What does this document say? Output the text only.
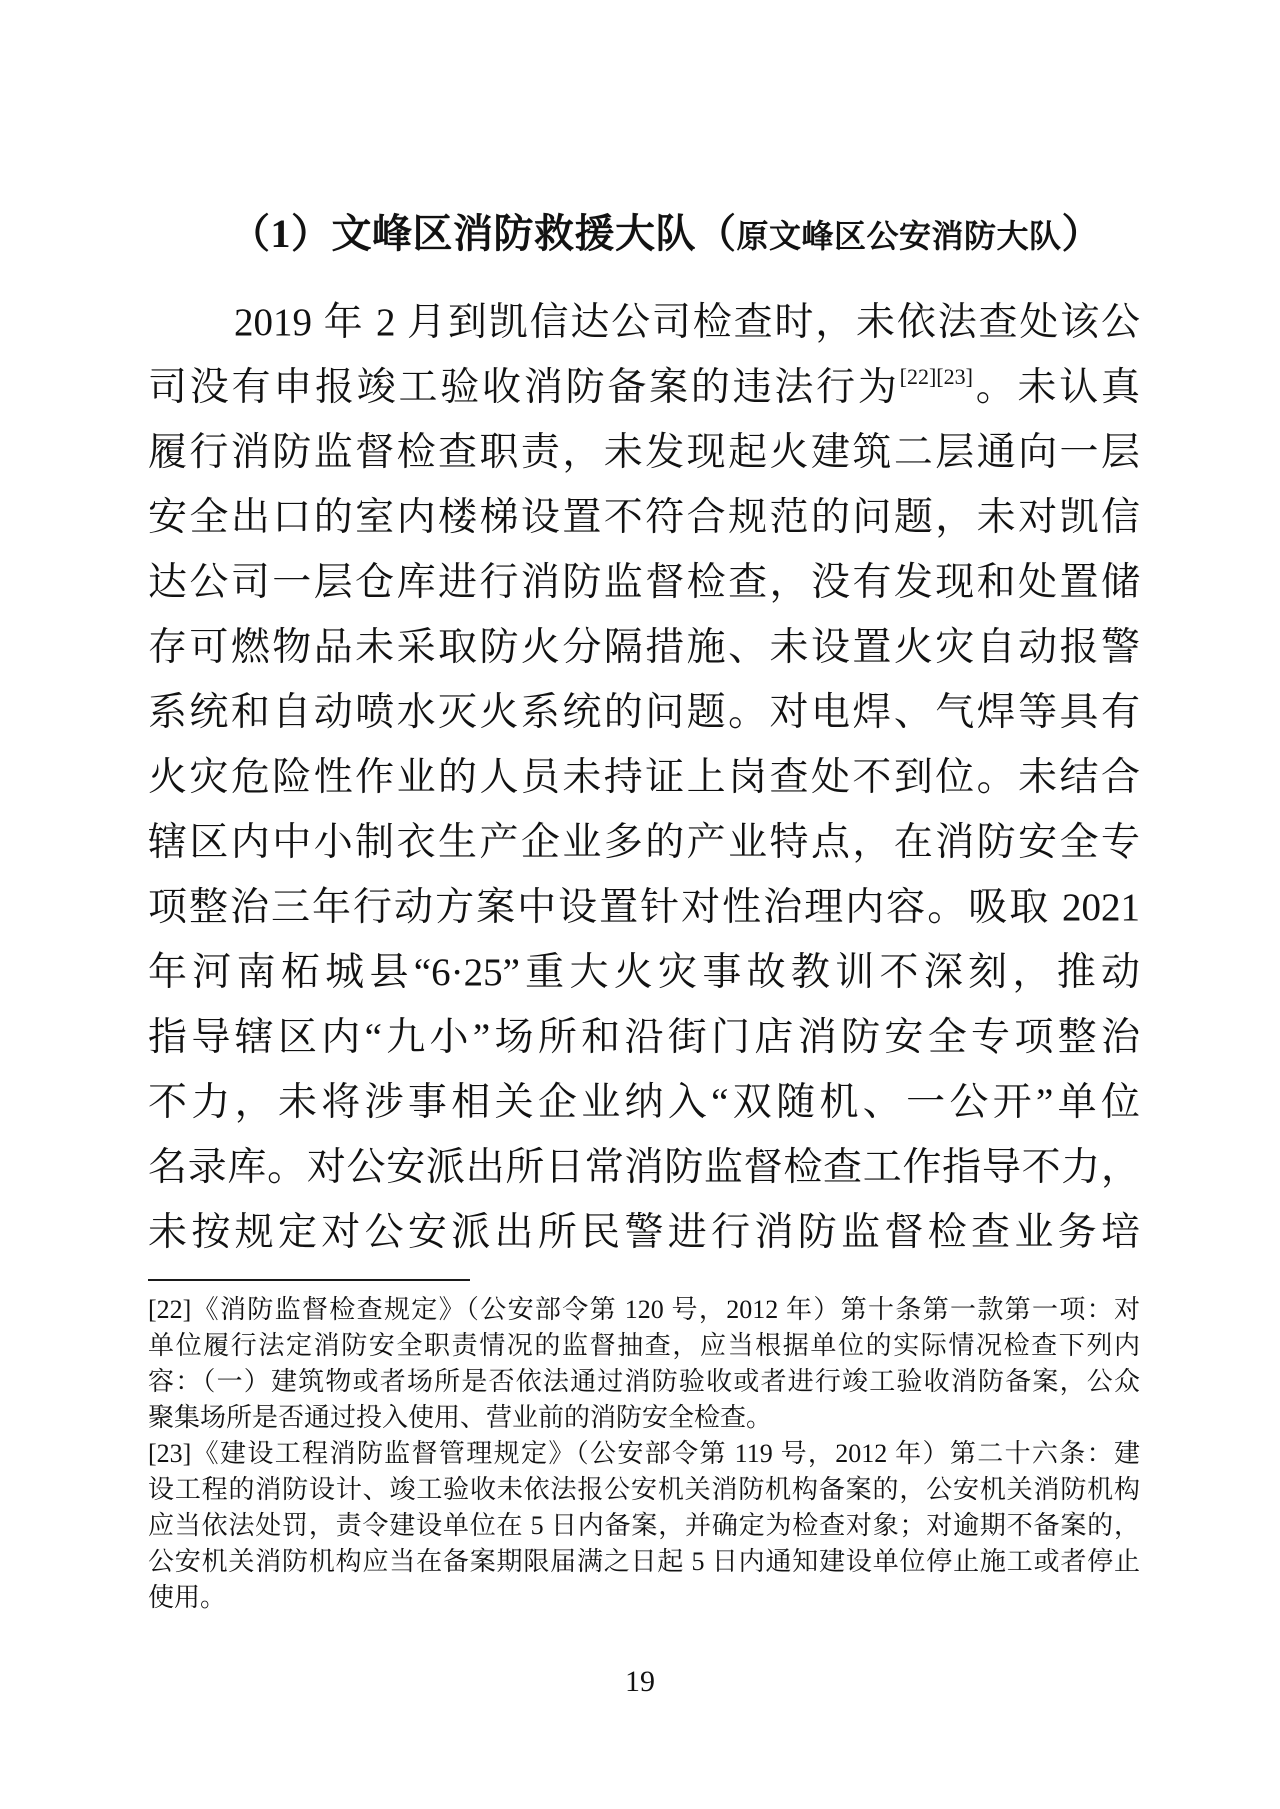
（1）文峰区消防救援大队（原文峰区公安消防大队）
2019 年 2 月到凯信达公司检查时，未依法查处该公
司没有申报竣工验收消防备案的违法行为[22][23]。未认真
履行消防监督检查职责，未发现起火建筑二层通向一层
安全出口的室内楼梯设置不符合规范的问题，未对凯信
达公司一层仓库进行消防监督检查，没有发现和处置储
存可燃物品未采取防火分隔措施、未设置火灾自动报警
系统和自动喷水灭火系统的问题。对电焊、气焊等具有
火灾危险性作业的人员未持证上岗查处不到位。未结合
辖区内中小制衣生产企业多的产业特点，在消防安全专
项整治三年行动方案中设置针对性治理内容。吸取 2021
年河南柘城县“6·25”重大火灾事故教训不深刻，推动
指导辖区内“九小”场所和沿街门店消防安全专项整治
不力，未将涉事相关企业纳入“双随机、一公开”单位
名录库。对公安派出所日常消防监督检查工作指导不力，
未按规定对公安派出所民警进行消防监督检查业务培
[22]《消防监督检查规定》（公安部令第 120 号，2012 年）第十条第一款第一项：对
单位履行法定消防安全职责情况的监督抽查，应当根据单位的实际情况检查下列内
容：（一）建筑物或者场所是否依法通过消防验收或者进行竣工验收消防备案，公众
聚集场所是否通过投入使用、营业前的消防安全检查。
[23]《建设工程消防监督管理规定》（公安部令第 119 号，2012 年）第二十六条：建
设工程的消防设计、竣工验收未依法报公安机关消防机构备案的，公安机关消防机构
应当依法处罚，责令建设单位在 5 日内备案，并确定为检查对象；对逾期不备案的，
公安机关消防机构应当在备案期限届满之日起 5 日内通知建设单位停止施工或者停止
使用。
19
